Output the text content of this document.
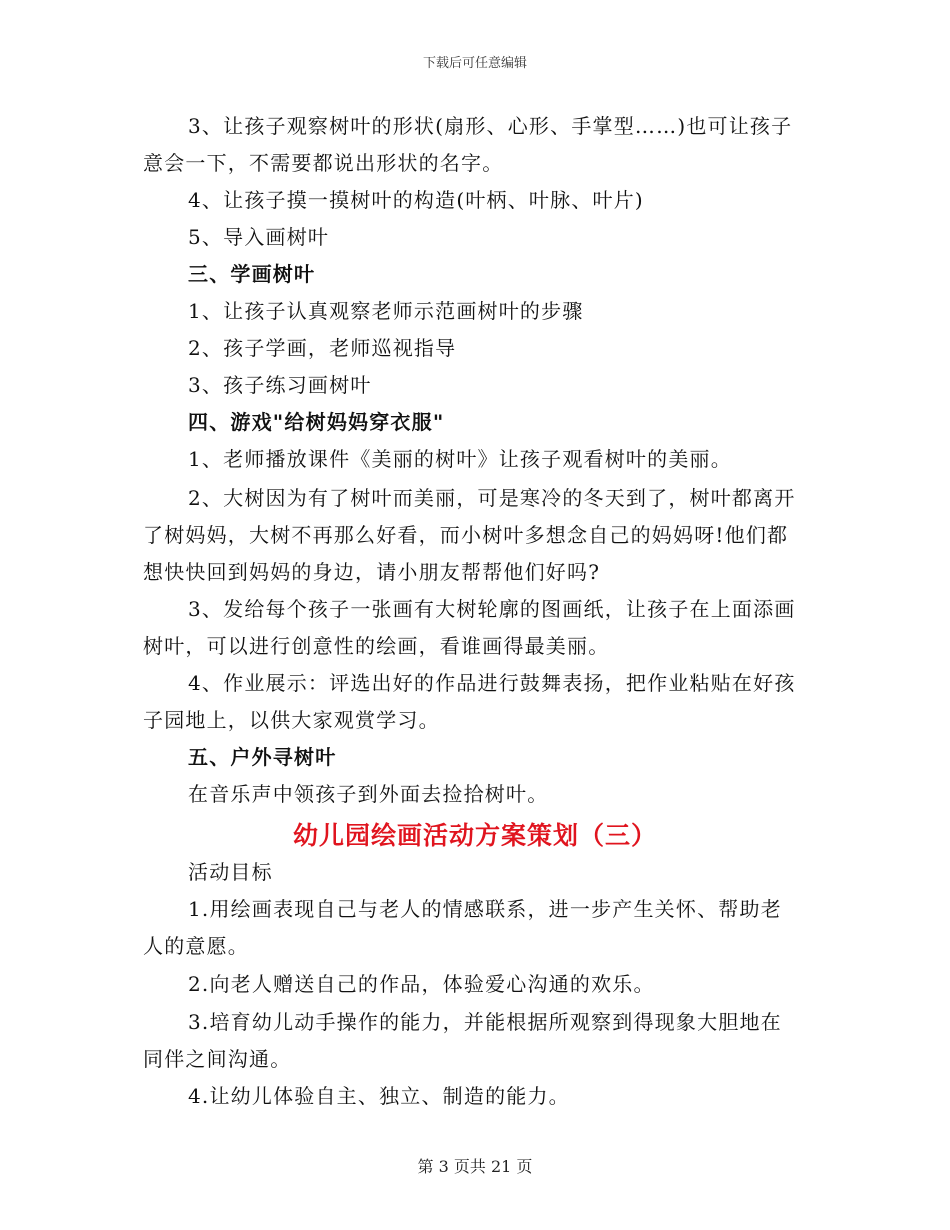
下载后可任意编辑
3、让孩子观察树叶的形状(扇形、心形、手掌型……)也可让孩子
意会一下，不需要都说出形状的名字。
4、让孩子摸一摸树叶的构造(叶柄、叶脉、叶片)
5、导入画树叶
三、学画树叶
1、让孩子认真观察老师示范画树叶的步骤
2、孩子学画，老师巡视指导
3、孩子练习画树叶
四、游戏"给树妈妈穿衣服"
1、老师播放课件《美丽的树叶》让孩子观看树叶的美丽。
2、大树因为有了树叶而美丽，可是寒冷的冬天到了，树叶都离开
了树妈妈，大树不再那么好看，而小树叶多想念自己的妈妈呀!他们都
想快快回到妈妈的身边，请小朋友帮帮他们好吗?
3、发给每个孩子一张画有大树轮廓的图画纸，让孩子在上面添画
树叶，可以进行创意性的绘画，看谁画得最美丽。
4、作业展示：评选出好的作品进行鼓舞表扬，把作业粘贴在好孩
子园地上，以供大家观赏学习。
五、户外寻树叶
在音乐声中领孩子到外面去捡拾树叶。
幼儿园绘画活动方案策划（三）
活动目标
1.用绘画表现自己与老人的情感联系，进一步产生关怀、帮助老
人的意愿。
2.向老人赠送自己的作品，体验爱心沟通的欢乐。
3.培育幼儿动手操作的能力，并能根据所观察到得现象大胆地在
同伴之间沟通。
4.让幼儿体验自主、独立、制造的能力。
第 3 页共 21 页
